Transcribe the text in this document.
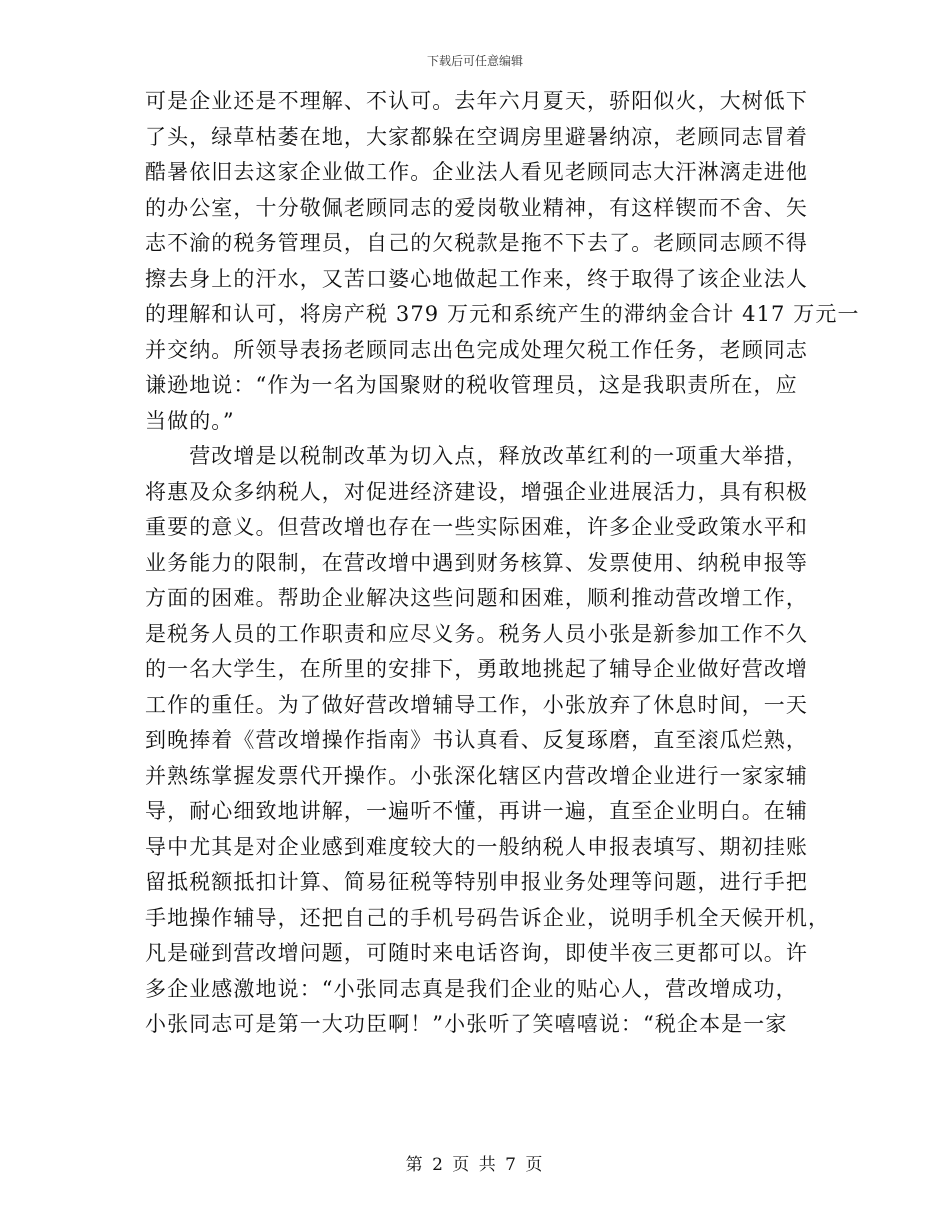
下载后可任意编辑
可是企业还是不理解、不认可。去年六月夏天，骄阳似火，大树低下
了头，绿草枯萎在地，大家都躲在空调房里避暑纳凉，老顾同志冒着
酷暑依旧去这家企业做工作。企业法人看见老顾同志大汗淋漓走进他
的办公室，十分敬佩老顾同志的爱岗敬业精神，有这样锲而不舍、矢
志不渝的税务管理员，自己的欠税款是拖不下去了。老顾同志顾不得
擦去身上的汗水，又苦口婆心地做起工作来，终于取得了该企业法人
的理解和认可，将房产税 379 万元和系统产生的滞纳金合计 417 万元一
并交纳。所领导表扬老顾同志出色完成处理欠税工作任务，老顾同志
谦逊地说：“作为一名为国聚财的税收管理员，这是我职责所在，应
当做的。”
　　营改增是以税制改革为切入点，释放改革红利的一项重大举措，
将惠及众多纳税人，对促进经济建设，增强企业进展活力，具有积极
重要的意义。但营改增也存在一些实际困难，许多企业受政策水平和
业务能力的限制，在营改增中遇到财务核算、发票使用、纳税申报等
方面的困难。帮助企业解决这些问题和困难，顺利推动营改增工作，
是税务人员的工作职责和应尽义务。税务人员小张是新参加工作不久
的一名大学生，在所里的安排下，勇敢地挑起了辅导企业做好营改增
工作的重任。为了做好营改增辅导工作，小张放弃了休息时间，一天
到晚捧着《营改增操作指南》书认真看、反复琢磨，直至滚瓜烂熟，
并熟练掌握发票代开操作。小张深化辖区内营改增企业进行一家家辅
导，耐心细致地讲解，一遍听不懂，再讲一遍，直至企业明白。在辅
导中尤其是对企业感到难度较大的一般纳税人申报表填写、期初挂账
留抵税额抵扣计算、简易征税等特别申报业务处理等问题，进行手把
手地操作辅导，还把自己的手机号码告诉企业，说明手机全天候开机，
凡是碰到营改增问题，可随时来电话咨询，即使半夜三更都可以。许
多企业感激地说：“小张同志真是我们企业的贴心人，营改增成功，
小张同志可是第一大功臣啊！”小张听了笑嘻嘻说：“税企本是一家
第 2 页 共 7 页
